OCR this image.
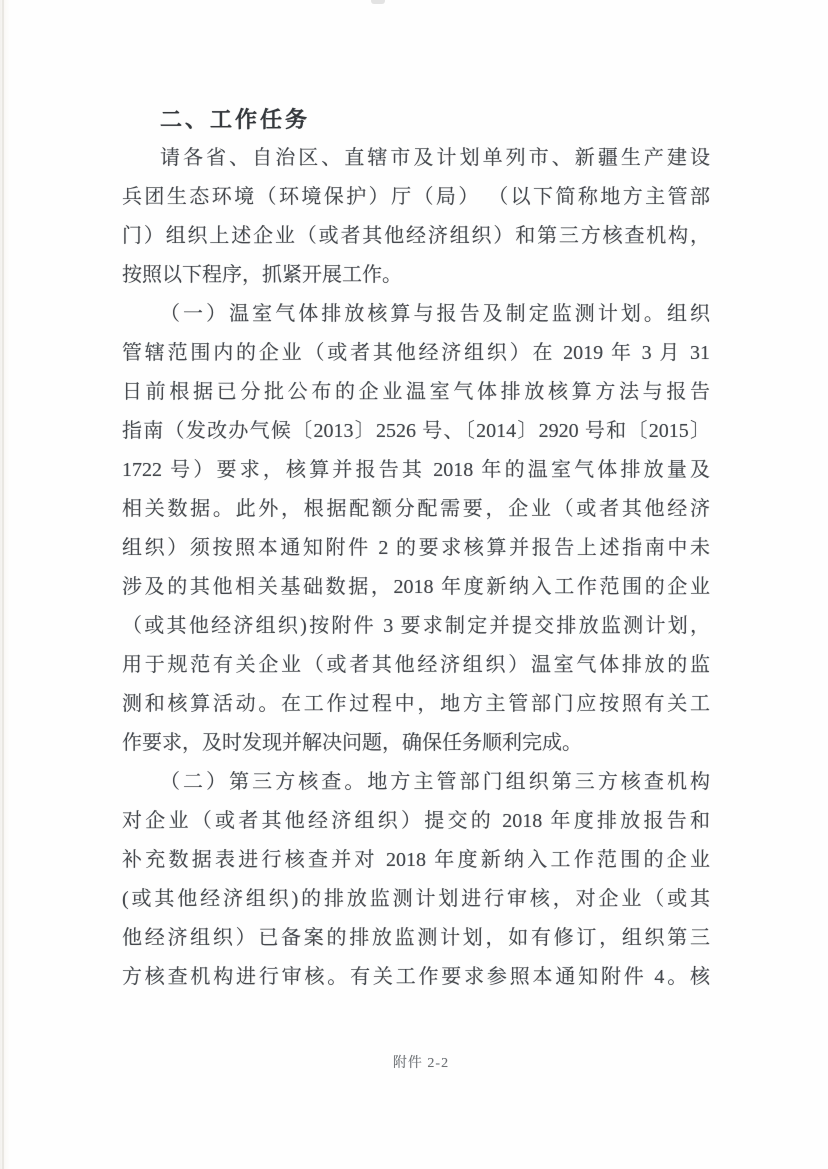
二、工作任务
请各省、自治区、直辖市及计划单列市、新疆生产建设
兵团生态环境（环境保护）厅（局） （以下简称地方主管部
门）组织上述企业（或者其他经济组织）和第三方核查机构，
按照以下程序，抓紧开展工作。
（一）温室气体排放核算与报告及制定监测计划。组织
管辖范围内的企业（或者其他经济组织）在 2019 年 3 月 31
日前根据已分批公布的企业温室气体排放核算方法与报告
指南（发改办气候〔2013〕2526 号、〔2014〕2920 号和〔2015〕
1722 号）要求，核算并报告其 2018 年的温室气体排放量及
相关数据。此外，根据配额分配需要，企业（或者其他经济
组织）须按照本通知附件 2 的要求核算并报告上述指南中未
涉及的其他相关基础数据，2018 年度新纳入工作范围的企业
（或其他经济组织)按附件 3 要求制定并提交排放监测计划，
用于规范有关企业（或者其他经济组织）温室气体排放的监
测和核算活动。在工作过程中，地方主管部门应按照有关工
作要求，及时发现并解决问题，确保任务顺利完成。
（二）第三方核查。地方主管部门组织第三方核查机构
对企业（或者其他经济组织）提交的 2018 年度排放报告和
补充数据表进行核查并对 2018 年度新纳入工作范围的企业
(或其他经济组织)的排放监测计划进行审核，对企业（或其
他经济组织）已备案的排放监测计划，如有修订，组织第三
方核查机构进行审核。有关工作要求参照本通知附件 4。核
附件 2-2
